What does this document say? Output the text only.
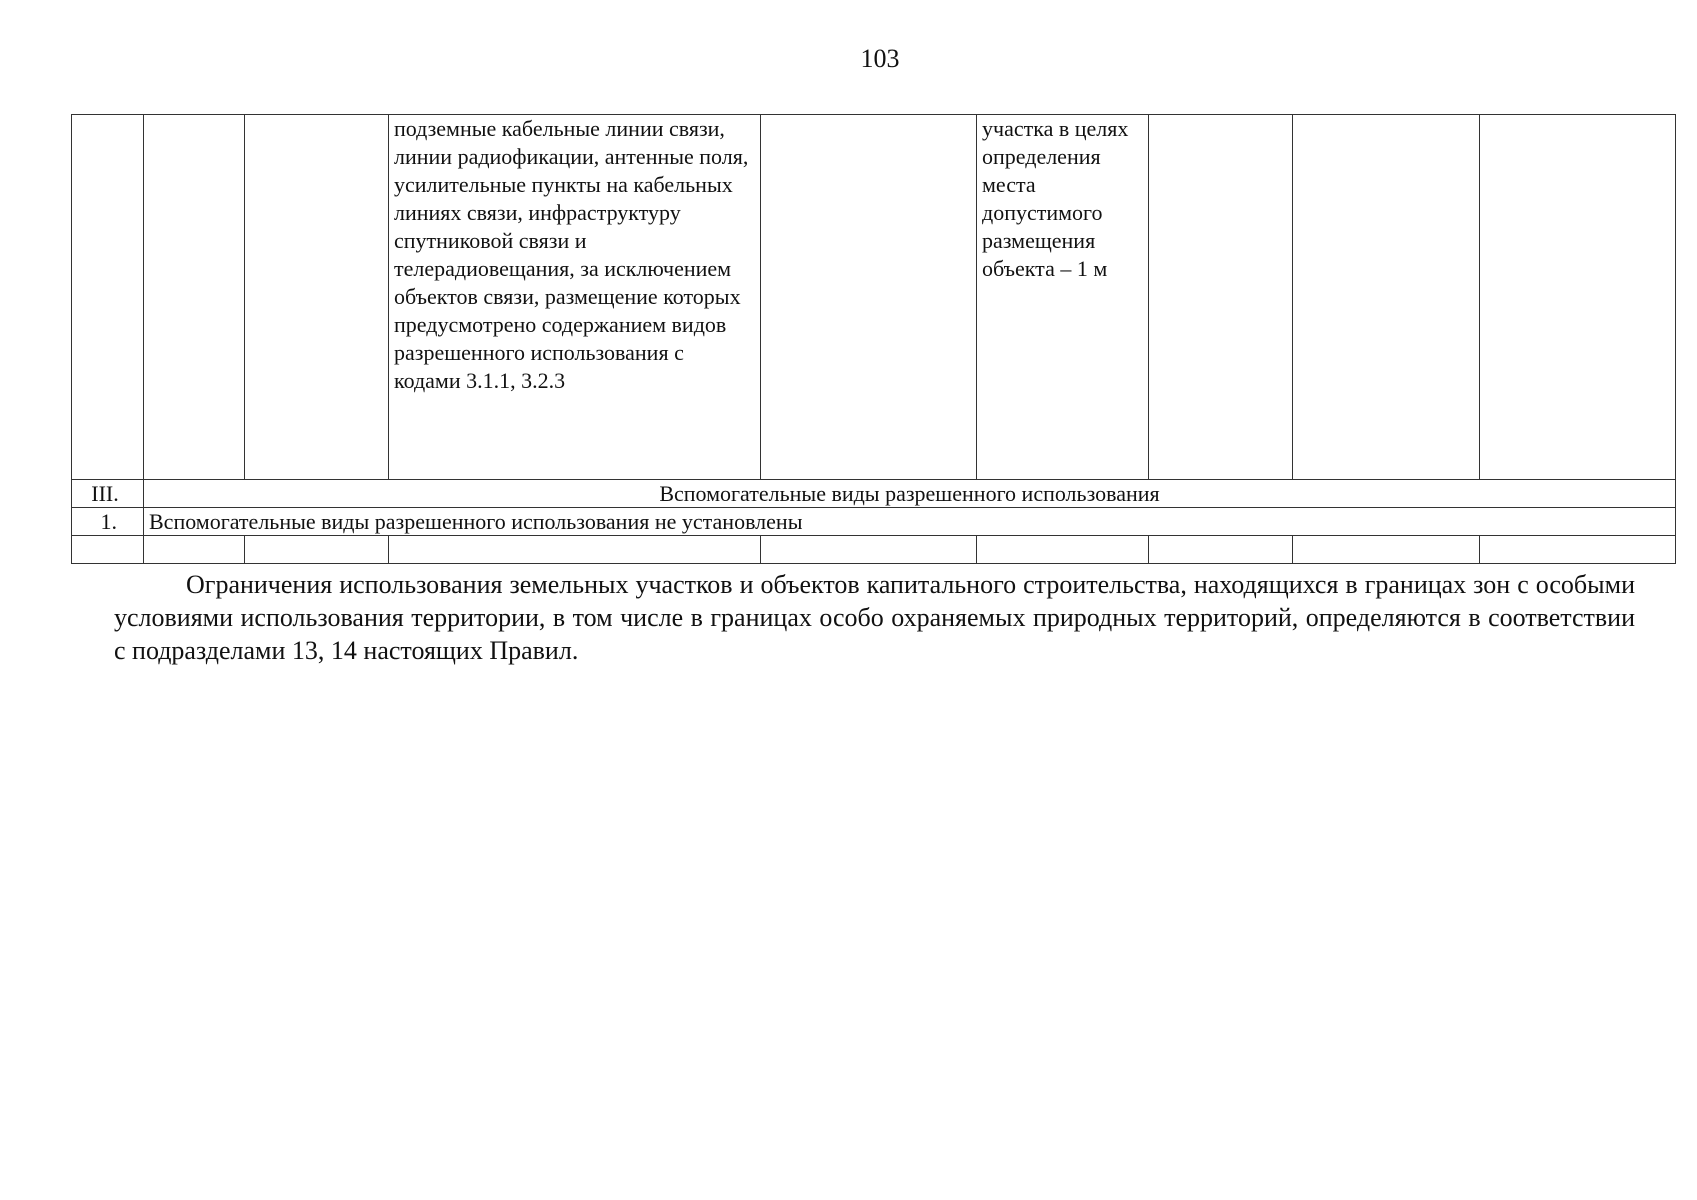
103
			подземные кабельные линии связи, линии радиофикации, антенные поля, усилительные пункты на кабельных линиях связи, инфраструктуру спутниковой связи и телерадиовещания, за исключением объектов связи, размещение которых предусмотрено содержанием видов разрешенного использования с кодами 3.1.1, 3.2.3		участка в целях определения места допустимого размещения объекта – 1 м			
III.	Вспомогательные виды разрешенного использования							
1.	Вспомогательные виды разрешенного использования не установлены							

Ограничения использования земельных участков и объектов капитального строительства, находящихся в границах зон с особыми условиями использования территории, в том числе в границах особо охраняемых природных территорий, определяются в соответствии с подразделами 13, 14 настоящих Правил.
